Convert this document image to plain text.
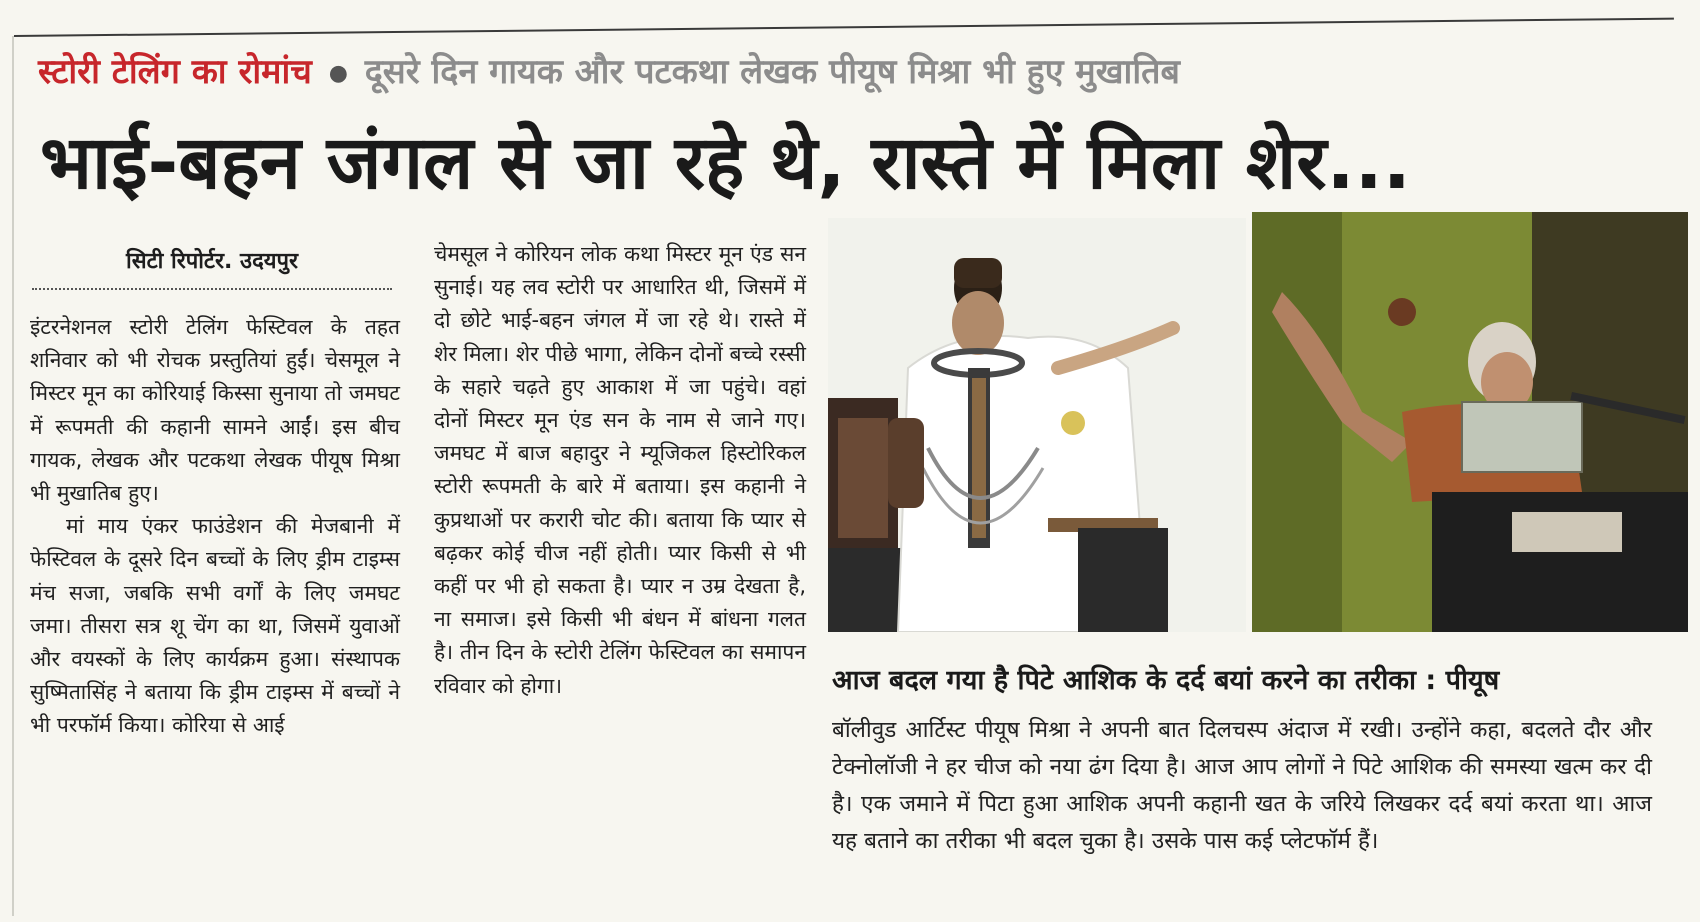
स्टोरी टेलिंग का रोमांच ● दूसरे दिन गायक और पटकथा लेखक पीयूष मिश्रा भी हुए मुखातिब
भाई-बहन जंगल से जा रहे थे, रास्ते में मिला शेर...
सिटी रिपोर्टर. उदयपुर

इंटरनेशनल स्टोरी टेलिंग फेस्टिवल के तहत शनिवार को भी रोचक प्रस्तुतियां हुईं। चेसमूल ने मिस्टर मून का कोरियाई किस्सा सुनाया तो जमघट में रूपमती की कहानी सामने आईं। इस बीच गायक, लेखक और पटकथा लेखक पीयूष मिश्रा भी मुखातिब हुए।

मां माय एंकर फाउंडेशन की मेजबानी में फेस्टिवल के दूसरे दिन बच्चों के लिए ड्रीम टाइम्स मंच सजा, जबकि सभी वर्गों के लिए जमघट जमा। तीसरा सत्र शू चेंग का था, जिसमें युवाओं और वयस्कों के लिए कार्यक्रम हुआ। संस्थापक सुष्मितासिंह ने बताया कि ड्रीम टाइम्स में बच्चों ने भी परफॉर्म किया। कोरिया से आई

चेमसूल ने कोरियन लोक कथा मिस्टर मून एंड सन सुनाई। यह लव स्टोरी पर आधारित थी, जिसमें में दो छोटे भाई-बहन जंगल में जा रहे थे। रास्ते में शेर मिला। शेर पीछे भागा, लेकिन दोनों बच्चे रस्सी के सहारे चढ़ते हुए आकाश में जा पहुंचे। वहां दोनों मिस्टर मून एंड सन के नाम से जाने गए। जमघट में बाज बहादुर ने म्यूजिकल हिस्टोरिकल स्टोरी रूपमती के बारे में बताया। इस कहानी ने कुप्रथाओं पर करारी चोट की। बताया कि प्यार से बढ़कर कोई चीज नहीं होती। प्यार किसी से भी कहीं पर भी हो सकता है। प्यार न उम्र देखता है, ना समाज। इसे किसी भी बंधन में बांधना गलत है। तीन दिन के स्टोरी टेलिंग फेस्टिवल का समापन रविवार को होगा।	आज बदल गया है पिटे आशिक के दर्द बयां करने का तरीका : पीयूष

बॉलीवुड आर्टिस्ट पीयूष मिश्रा ने अपनी बात दिलचस्प अंदाज में रखी। उन्होंने कहा, बदलते दौर और टेक्नोलॉजी ने हर चीज को नया ढंग दिया है। आज आप लोगों ने पिटे आशिक की समस्या खत्म कर दी है। एक जमाने में पिटा हुआ आशिक अपनी कहानी खत के जरिये लिखकर दर्द बयां करता था। आज यह बताने का तरीका भी बदल चुका है। उसके पास कई प्लेटफॉर्म हैं।
